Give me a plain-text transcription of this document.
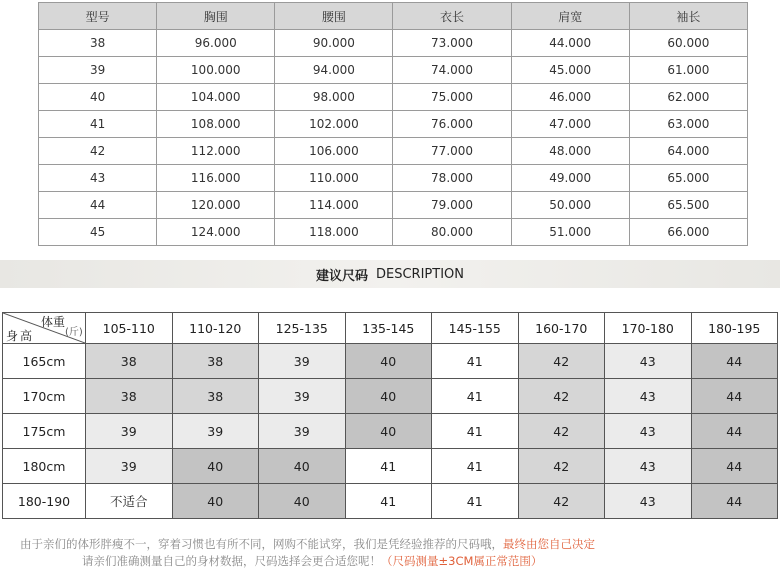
型号	胸围	腰围	衣长	肩宽	袖长
38	96.000	90.000	73.000	44.000	60.000
39	100.000	94.000	74.000	45.000	61.000
40	104.000	98.000	75.000	46.000	62.000
41	108.000	102.000	76.000	47.000	63.000
42	112.000	106.000	77.000	48.000	64.000
43	116.000	110.000	78.000	49.000	65.000
44	120.000	114.000	79.000	50.000	65.500
45	124.000	118.000	80.000	51.000	66.000
建议尺码 DESCRIPTION
体重
(斤)
身高	105-110	110-120	125-135	135-145	145-155	160-170	170-180	180-195
165cm	38	38	39	40	41	42	43	44
170cm	38	38	39	40	41	42	43	44
175cm	39	39	39	40	41	42	43	44
180cm	39	40	40	41	41	42	43	44
180-190	不适合	40	40	41	41	42	43	44
由于亲们的体形胖瘦不一，穿着习惯也有所不同，网购不能试穿，我们是凭经验推荐的尺码哦，最终由您自己决定
请亲们准确测量自己的身材数据，尺码选择会更合适您呢！（尺码测量±3CM属正常范围）
